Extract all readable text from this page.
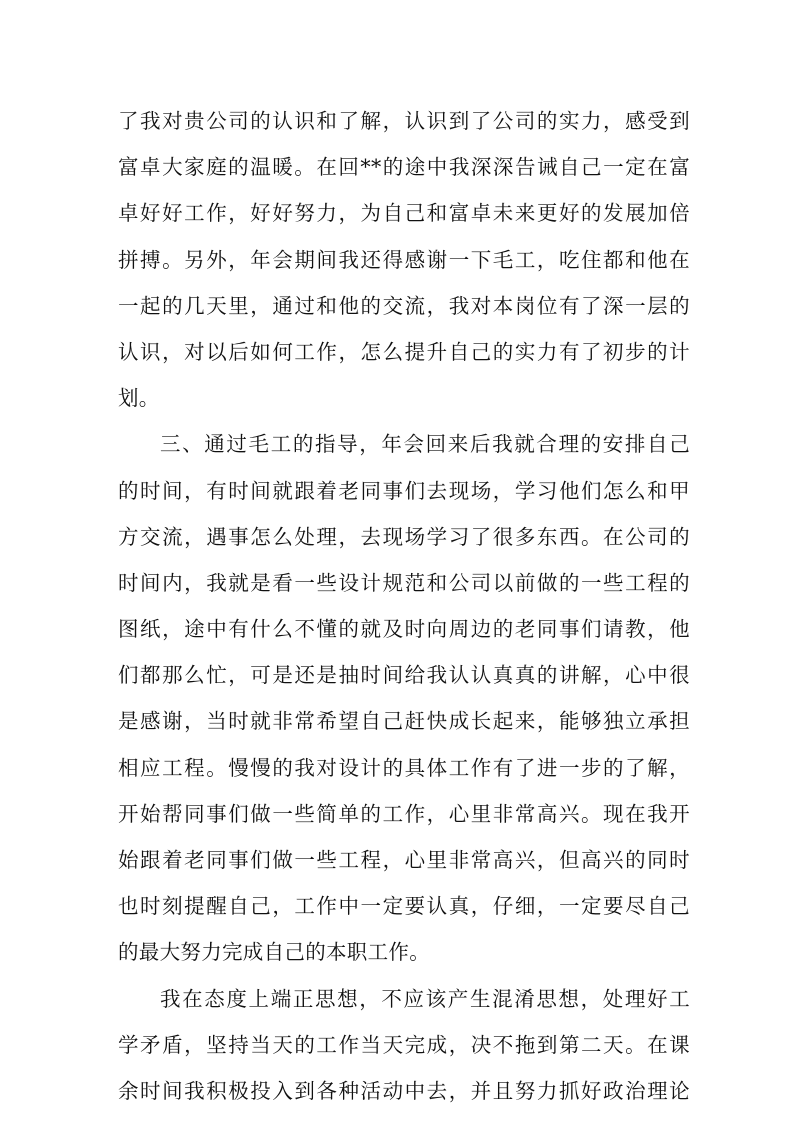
了我对贵公司的认识和了解，认识到了公司的实力，感受到
富卓大家庭的温暖。在回**的途中我深深告诫自己一定在富
卓好好工作，好好努力，为自己和富卓未来更好的发展加倍
拼搏。另外，年会期间我还得感谢一下毛工，吃住都和他在
一起的几天里，通过和他的交流，我对本岗位有了深一层的
认识，对以后如何工作，怎么提升自己的实力有了初步的计
划。
三、通过毛工的指导，年会回来后我就合理的安排自己
的时间，有时间就跟着老同事们去现场，学习他们怎么和甲
方交流，遇事怎么处理，去现场学习了很多东西。在公司的
时间内，我就是看一些设计规范和公司以前做的一些工程的
图纸，途中有什么不懂的就及时向周边的老同事们请教，他
们都那么忙，可是还是抽时间给我认认真真的讲解，心中很
是感谢，当时就非常希望自己赶快成长起来，能够独立承担
相应工程。慢慢的我对设计的具体工作有了进一步的了解，
开始帮同事们做一些简单的工作，心里非常高兴。现在我开
始跟着老同事们做一些工程，心里非常高兴，但高兴的同时
也时刻提醒自己，工作中一定要认真，仔细，一定要尽自己
的最大努力完成自己的本职工作。
我在态度上端正思想，不应该产生混淆思想，处理好工
学矛盾，坚持当天的工作当天完成，决不拖到第二天。在课
余时间我积极投入到各种活动中去，并且努力抓好政治理论
